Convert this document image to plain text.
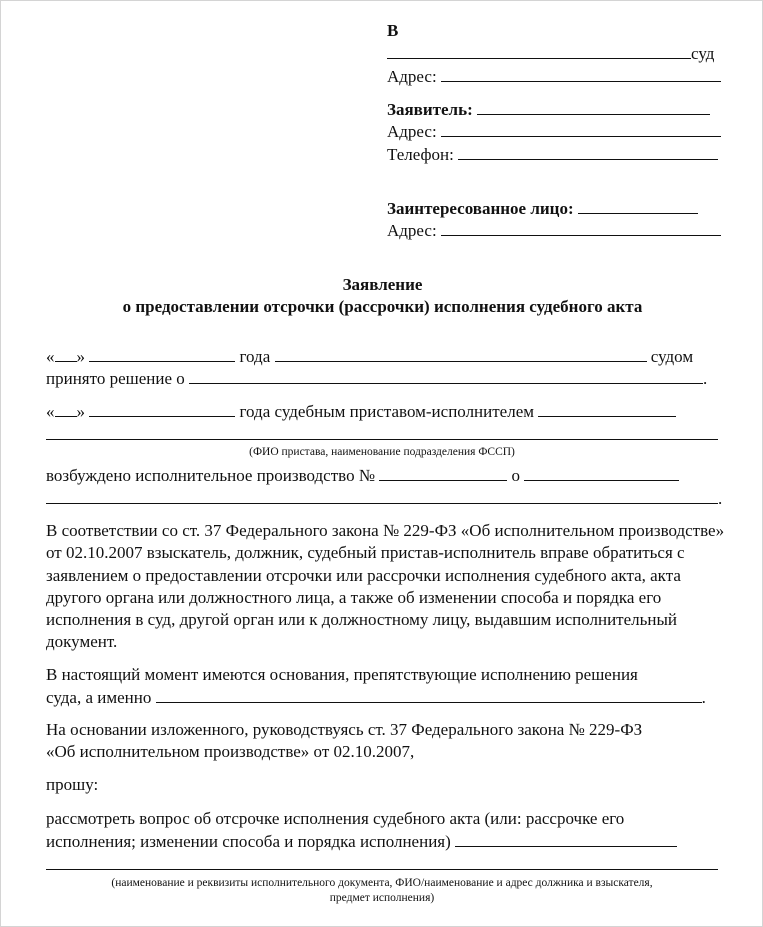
В
суд
Адрес:
Заявитель:
Адрес:
Телефон:
Заинтересованное лицо:
Адрес:
Заявление
о предоставлении отсрочки (рассрочки) исполнения судебного акта
« »	года	судом
принято решение о	.
« »	года судебным приставом-исполнителем
(ФИО пристава, наименование подразделения ФССП)
возбуждено исполнительное производство №	о
.
В соответствии со ст. 37 Федерального закона № 229-ФЗ «Об исполнительном производстве» от 02.10.2007 взыскатель, должник, судебный пристав-исполнитель вправе обратиться с заявлением о предоставлении отсрочки или рассрочки исполнения судебного акта, акта другого органа или должностного лица, а также об изменении способа и порядка его исполнения в суд, другой орган или к должностному лицу, выдавшим исполнительный документ.
В настоящий момент имеются основания, препятствующие исполнению решения
суда, а именно	.
На основании изложенного, руководствуясь ст. 37 Федерального закона № 229-ФЗ
«Об исполнительном производстве» от 02.10.2007,
прошу:
рассмотреть вопрос об отсрочке исполнения судебного акта (или: рассрочке его
исполнения; изменении способа и порядка исполнения)
(наименование и реквизиты исполнительного документа, ФИО/наименование и адрес должника и взыскателя,
предмет исполнения)
